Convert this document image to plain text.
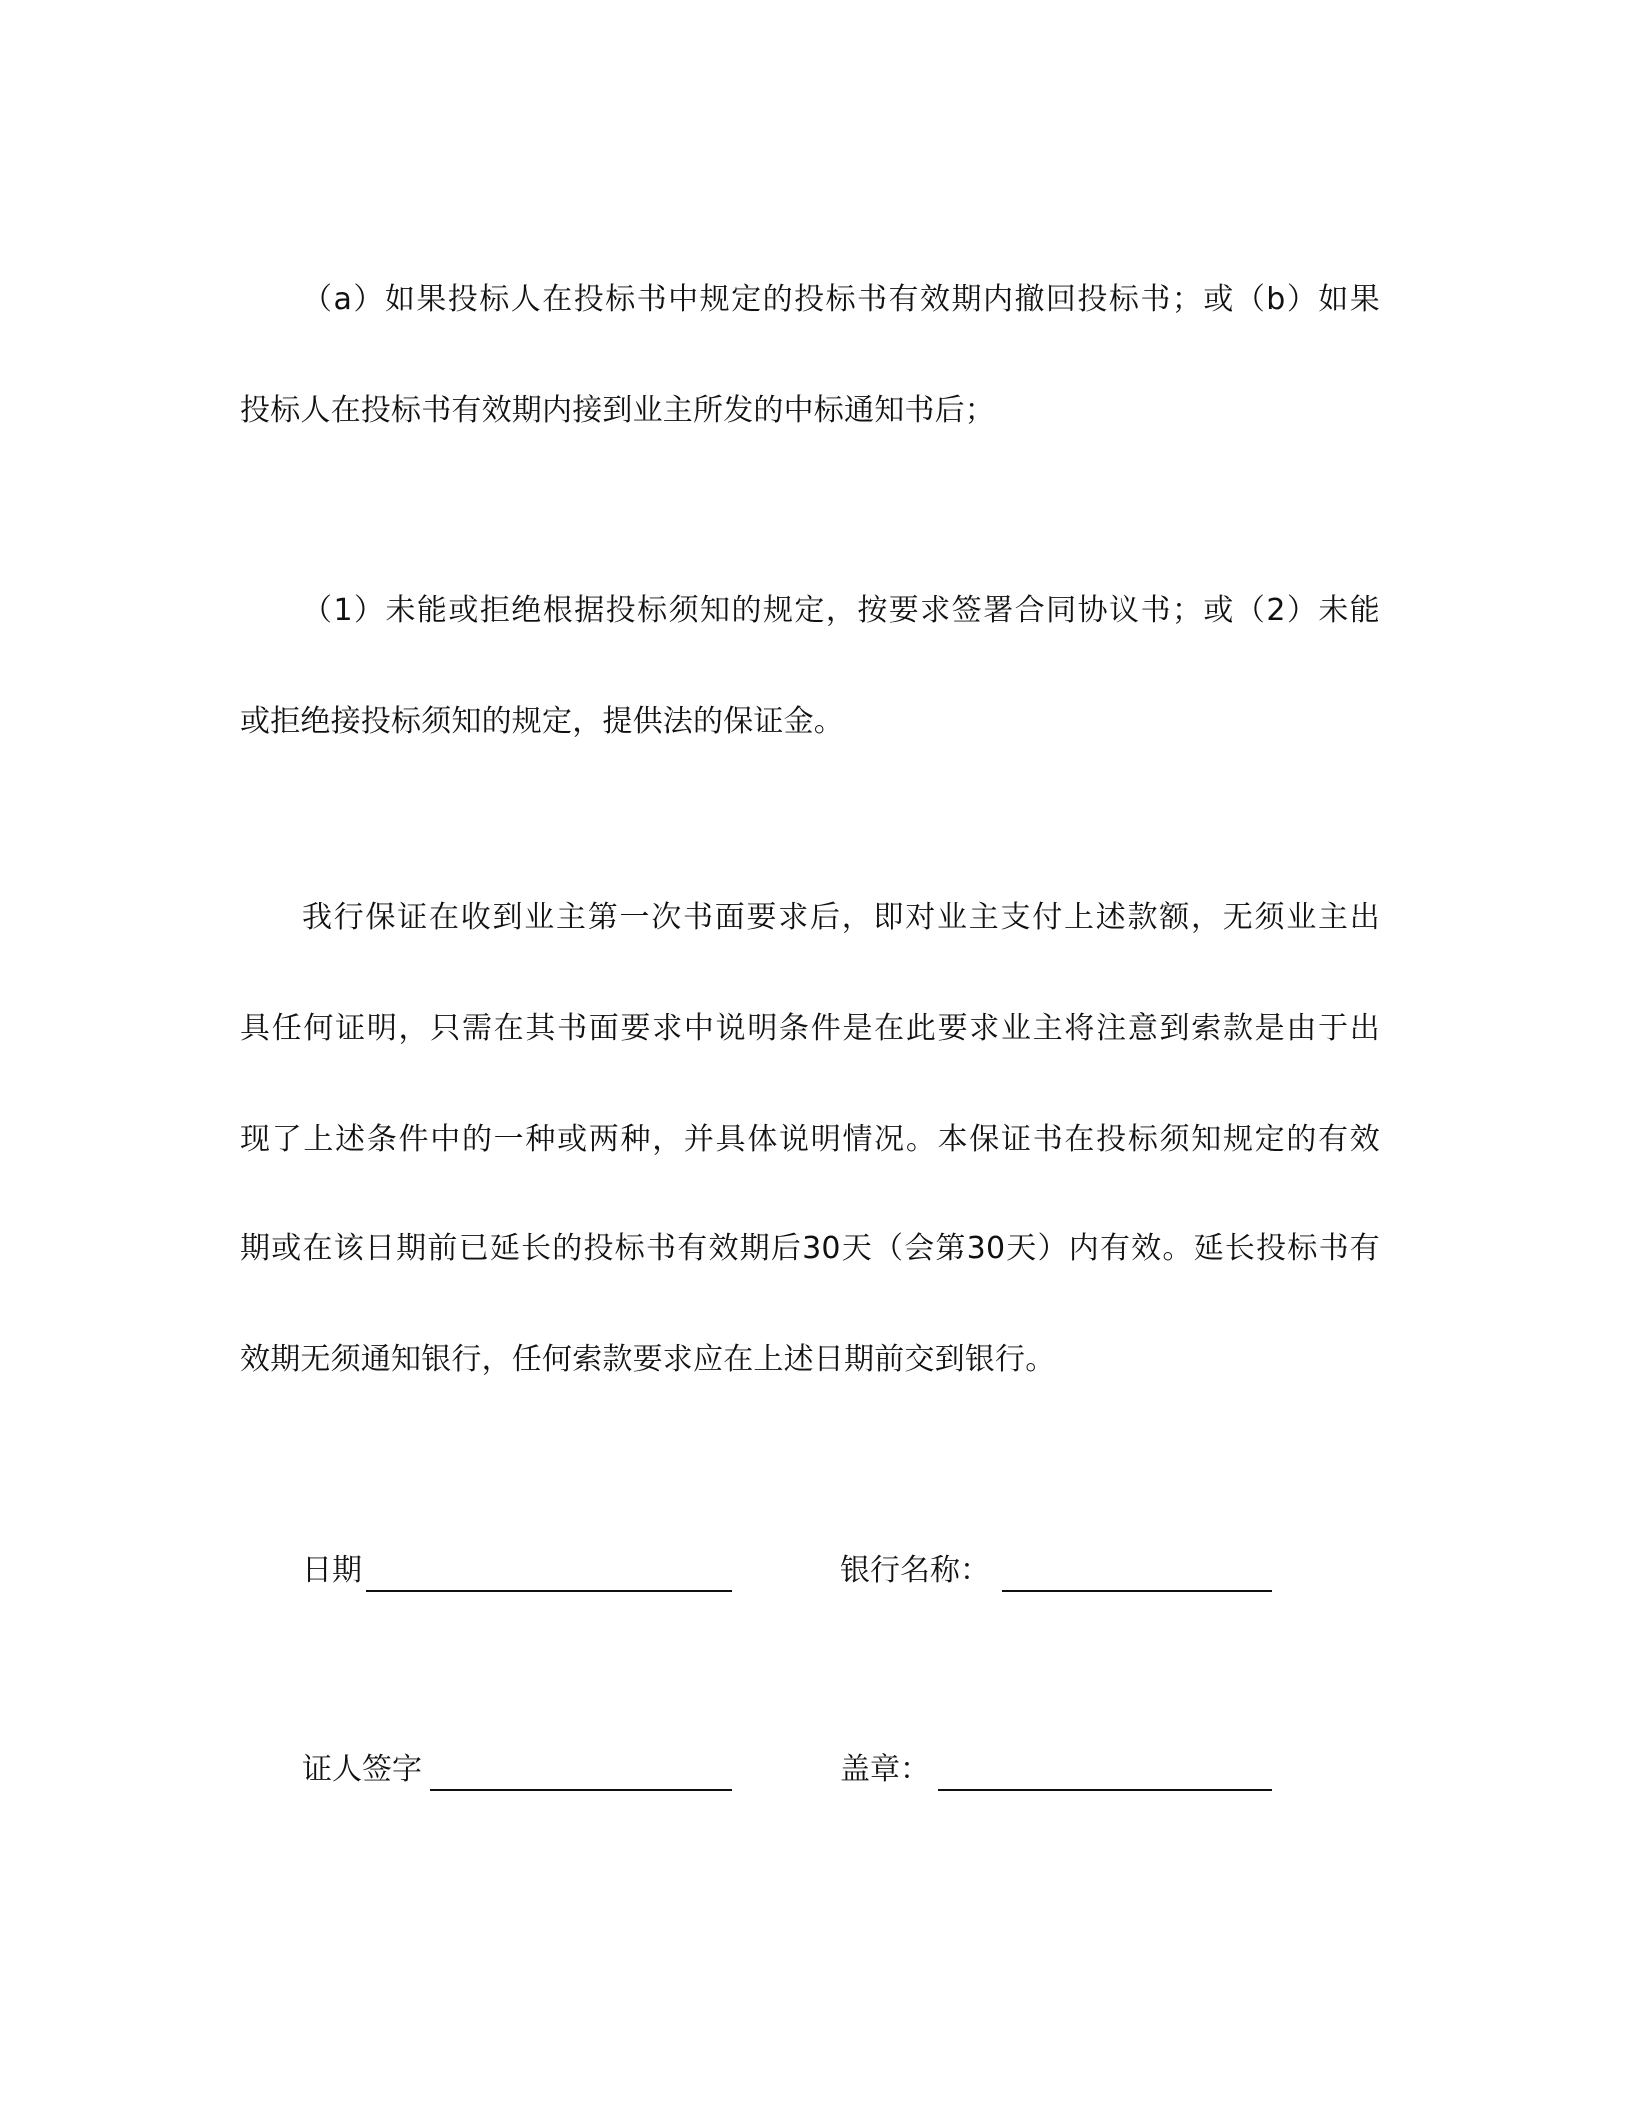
（a）如果投标人在投标书中规定的投标书有效期内撤回投标书；或（b）如果
投标人在投标书有效期内接到业主所发的中标通知书后；
（1）未能或拒绝根据投标须知的规定，按要求签署合同协议书；或（2）未能
或拒绝接投标须知的规定，提供法的保证金。
我行保证在收到业主第一次书面要求后，即对业主支付上述款额，无须业主出
具任何证明，只需在其书面要求中说明条件是在此要求业主将注意到索款是由于出
现了上述条件中的一种或两种，并具体说明情况。本保证书在投标须知规定的有效
期或在该日期前已延长的投标书有效期后30天（会第30天）内有效。延长投标书有
效期无须通知银行，任何索款要求应在上述日期前交到银行。
日期	银行名称：
证人签字	盖章：
